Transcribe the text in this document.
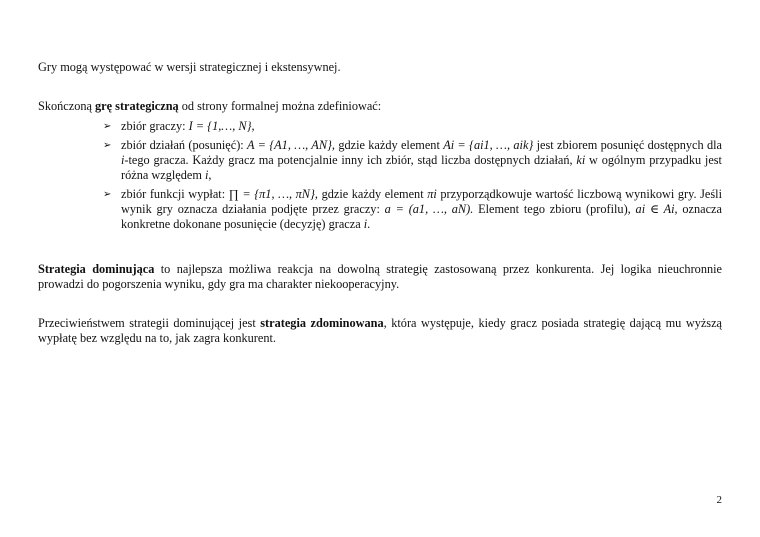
Gry mogą występować w wersji strategicznej i ekstensywnej.

Skończoną grę strategiczną od strony formalnej można zdefiniować:

➢ zbiór graczy: I = {1,…, N},
➢ zbiór działań (posunięć): A = {A1, …, AN}, gdzie każdy element Ai = {ai1, …, aik} jest zbiorem posunięć dostępnych dla i-tego gracza. Każdy gracz ma potencjalnie inny ich zbiór, stąd liczba dostępnych działań, ki w ogólnym przypadku jest różna względem i,
➢ zbiór funkcji wypłat: ∏ = {π1, …, πN}, gdzie każdy element πi przyporządkowuje wartość liczbową wynikowi gry. Jeśli wynik gry oznacza działania podjęte przez graczy: a = (a1, …, aN). Element tego zbioru (profilu), ai ∈ Ai, oznacza konkretne dokonane posunięcie (decyzję) gracza i.

Strategia dominująca to najlepsza możliwa reakcja na dowolną strategię zastosowaną przez konkurenta. Jej logika nieuchronnie prowadzi do pogorszenia wyniku, gdy gra ma charakter niekooperacyjny.

Przeciwieństwem strategii dominującej jest strategia zdominowana, która występuje, kiedy gracz posiada strategię dającą mu wyższą wypłatę bez względu na to, jak zagra konkurent.

2
